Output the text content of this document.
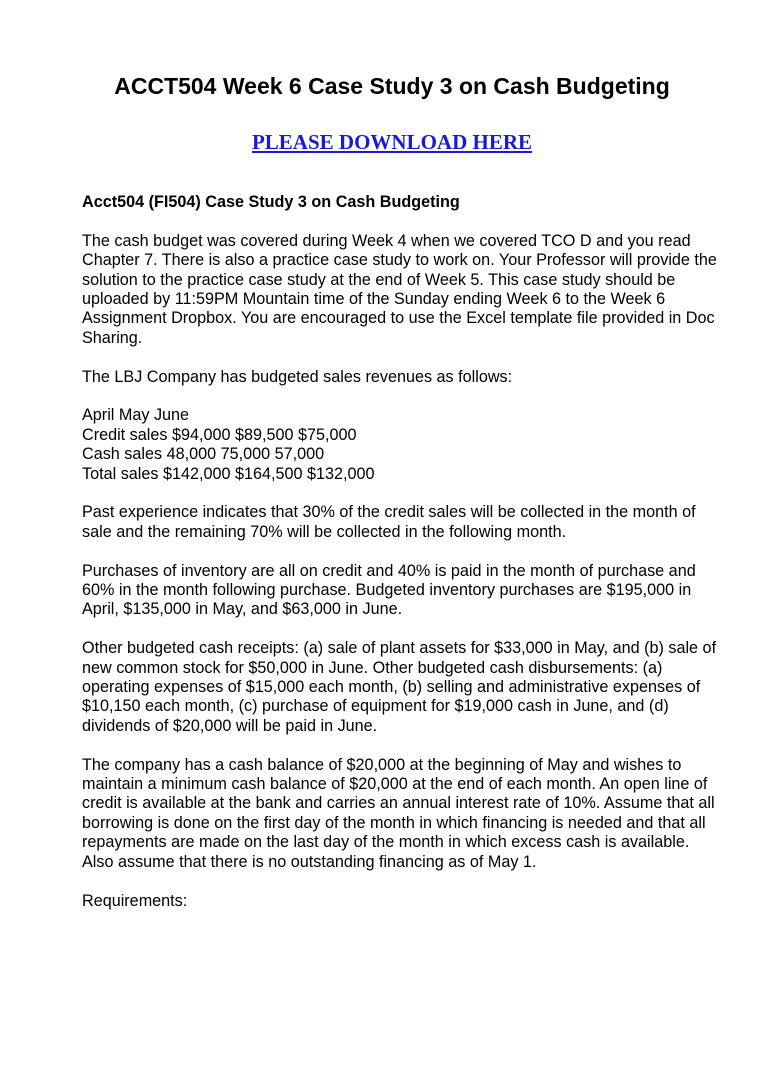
ACCT504 Week 6 Case Study 3 on Cash Budgeting
PLEASE DOWNLOAD HERE
Acct504 (FI504) Case Study 3 on Cash Budgeting

The cash budget was covered during Week 4 when we covered TCO D and you read Chapter 7. There is also a practice case study to work on. Your Professor will provide the solution to the practice case study at the end of Week 5. This case study should be uploaded by 11:59PM Mountain time of the Sunday ending Week 6 to the Week 6 Assignment Dropbox. You are encouraged to use the Excel template file provided in Doc Sharing.

The LBJ Company has budgeted sales revenues as follows:

April May June
Credit sales $94,000 $89,500 $75,000
Cash sales 48,000 75,000 57,000
Total sales $142,000 $164,500 $132,000

Past experience indicates that 30% of the credit sales will be collected in the month of sale and the remaining 70% will be collected in the following month.

Purchases of inventory are all on credit and 40% is paid in the month of purchase and 60% in the month following purchase. Budgeted inventory purchases are $195,000 in April, $135,000 in May, and $63,000 in June.

Other budgeted cash receipts: (a) sale of plant assets for $33,000 in May, and (b) sale of new common stock for $50,000 in June. Other budgeted cash disbursements: (a) operating expenses of $15,000 each month, (b) selling and administrative expenses of $10,150 each month, (c) purchase of equipment for $19,000 cash in June, and (d) dividends of $20,000 will be paid in June.

The company has a cash balance of $20,000 at the beginning of May and wishes to maintain a minimum cash balance of $20,000 at the end of each month. An open line of credit is available at the bank and carries an annual interest rate of 10%. Assume that all borrowing is done on the first day of the month in which financing is needed and that all repayments are made on the last day of the month in which excess cash is available. Also assume that there is no outstanding financing as of May 1.

Requirements:
